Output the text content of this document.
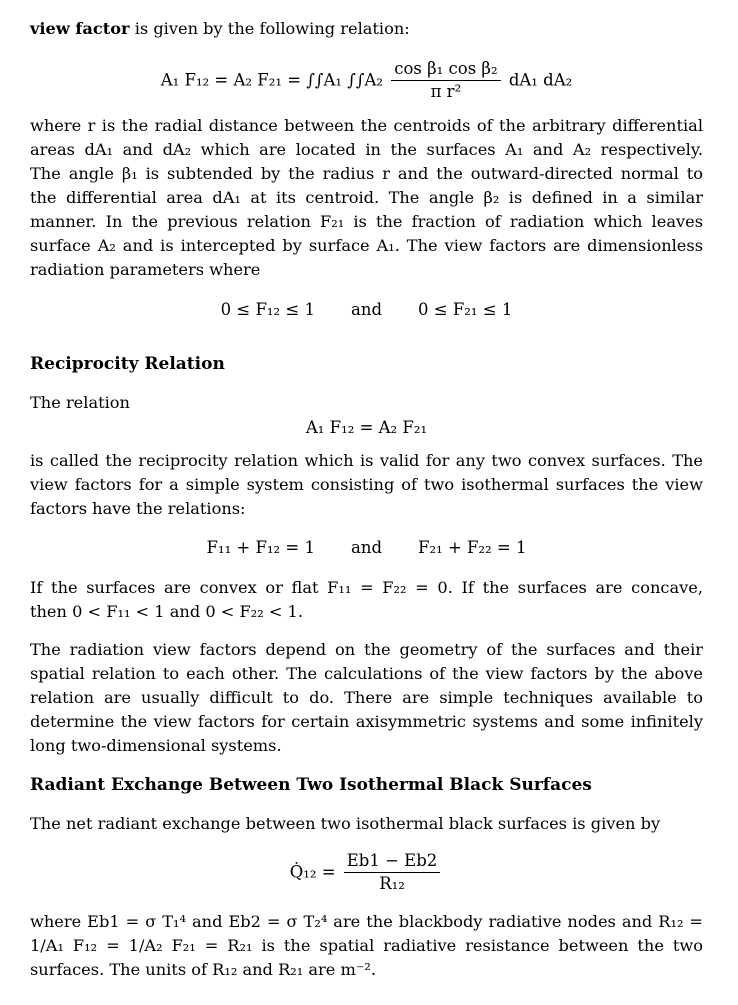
view factor is given by the following relation:
A₁ F₁₂ = A₂ F₂₁ = ∫∫A₁ $\int\int A_2 \frac{\text{cos β₁ cos β₂}}{\text{π r²}} dA_1$ dA₂
where r is the radial distance between the centroids of the arbitrary differential
areas dA₁ and dA₂ which are located in the surfaces A₁ and A₂ respectively.
The angle β₁ is subtended by the radius r and the outward-directed normal to
the differential area dA₁ at its centroid. The angle β₂ is defined in a similar
manner. In the previous relation F₂₁ is the fraction of radiation which leaves
surface A₂ and is intercepted by surface A₁. The view factors are dimensionless
radiation parameters where
0 ≤ F₁₂ ≤ 1 and 0 ≤ F₂₁ ≤ 1
Reciprocity Relation
The relation
A₁ F₁₂ = A₂ F₂₁
is called the reciprocity relation which is valid for any two convex surfaces. The
view factors for a simple system consisting of two isothermal surfaces the view
factors have the relations:
F₁₁ + F₁₂ = 1 and F₂₁ + F₂₂ = 1
If the surfaces are convex or flat F₁₁ = F₂₂ = 0. If the surfaces are concave,
then 0 < F₁₁ < 1 and 0 < F₂₂ < 1.
The radiation view factors depend on the geometry of the surfaces and their
spatial relation to each other. The calculations of the view factors by the above
relation are usually difficult to do. There are simple techniques available to
determine the view factors for certain axisymmetric systems and some infinitely
long two-dimensional systems.
Radiant Exchange Between Two Isothermal Black Surfaces
The net radiant exchange between two isothermal black surfaces is given by
Q̇₁₂ = $\frac{Eb1 - Eb2}{\text{R₁₂}}$
where Eb1 = σ T₁⁴ and Eb2 = σ T₂⁴ are the blackbody radiative nodes and R₁₂ =
1/A₁ F₁₂ = 1/A₂ F₂₁ = R₂₁ is the spatial radiative resistance between the two
surfaces. The units of R₁₂ and R₂₁ are m⁻².
